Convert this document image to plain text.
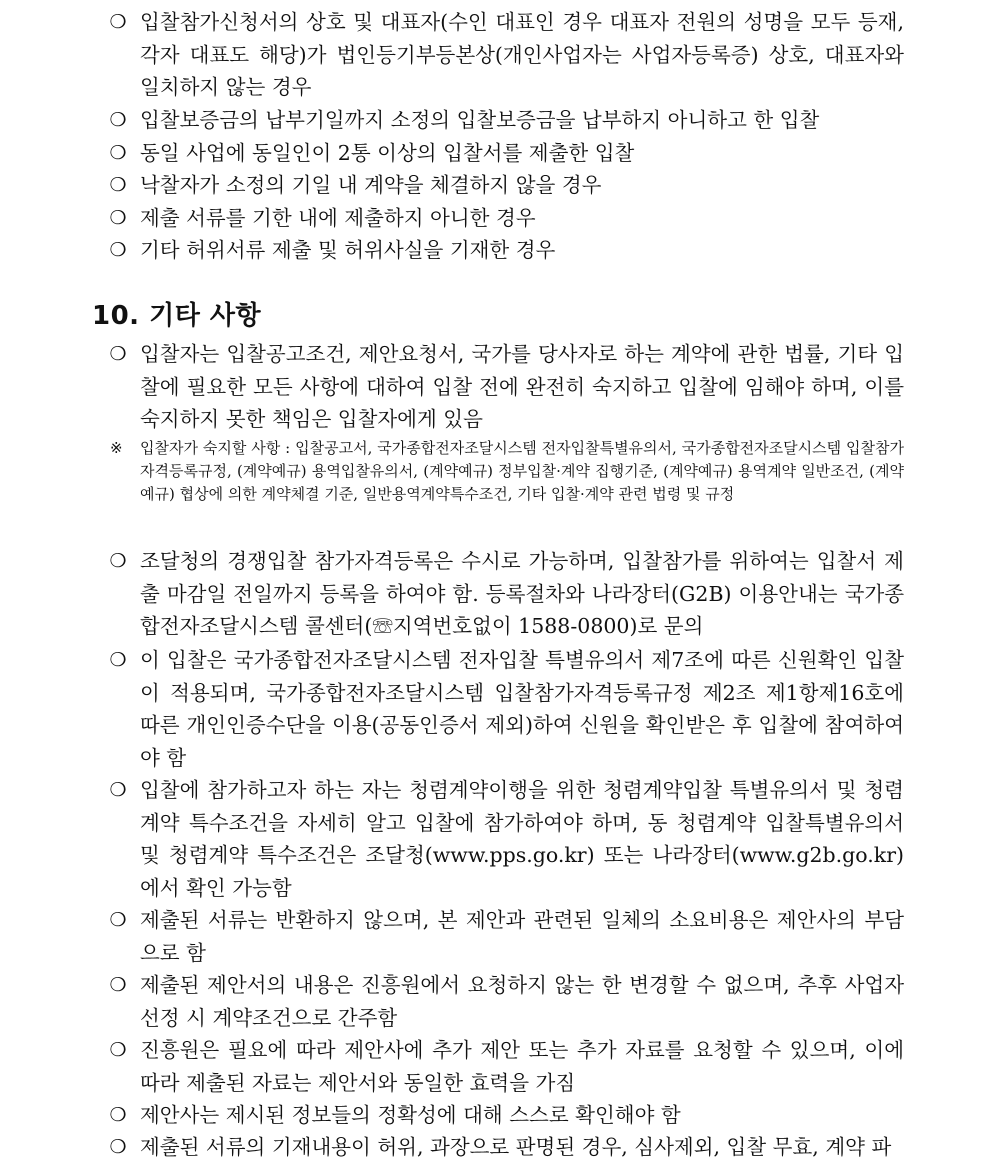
❍ 입찰참가신청서의 상호 및 대표자(수인 대표인 경우 대표자 전원의 성명을 모두 등재, 각자 대표도 해당)가 법인등기부등본상(개인사업자는 사업자등록증) 상호, 대표자와 일치하지 않는 경우
❍ 입찰보증금의 납부기일까지 소정의 입찰보증금을 납부하지 아니하고 한 입찰
❍ 동일 사업에 동일인이 2통 이상의 입찰서를 제출한 입찰
❍ 낙찰자가 소정의 기일 내 계약을 체결하지 않을 경우
❍ 제출 서류를 기한 내에 제출하지 아니한 경우
❍ 기타 허위서류 제출 및 허위사실을 기재한 경우
10. 기타 사항
❍ 입찰자는 입찰공고조건, 제안요청서, 국가를 당사자로 하는 계약에 관한 법률, 기타 입찰에 필요한 모든 사항에 대하여 입찰 전에 완전히 숙지하고 입찰에 임해야 하며, 이를 숙지하지 못한 책임은 입찰자에게 있음
※	입찰자가 숙지할 사항 : 입찰공고서, 국가종합전자조달시스템 전자입찰특별유의서, 국가종합전자조달시스템 입찰참가자격등록규정, (계약예규) 용역입찰유의서, (계약예규) 정부입찰·계약 집행기준, (계약예규) 용역계약 일반조건, (계약예규) 협상에 의한 계약체결 기준, 일반용역계약특수조건, 기타 입찰·계약 관련 법령 및 규정
❍ 조달청의 경쟁입찰 참가자격등록은 수시로 가능하며, 입찰참가를 위하여는 입찰서 제출 마감일 전일까지 등록을 하여야 함. 등록절차와 나라장터(G2B) 이용안내는 국가종합전자조달시스템 콜센터(☏지역번호없이 1588-0800)로 문의
❍ 이 입찰은 국가종합전자조달시스템 전자입찰 특별유의서 제7조에 따른 신원확인 입찰이 적용되며, 국가종합전자조달시스템 입찰참가자격등록규정 제2조 제1항제16호에 따른 개인인증수단을 이용(공동인증서 제외)하여 신원을 확인받은 후 입찰에 참여하여야 함
❍ 입찰에 참가하고자 하는 자는 청렴계약이행을 위한 청렴계약입찰 특별유의서 및 청렴계약 특수조건을 자세히 알고 입찰에 참가하여야 하며, 동 청렴계약 입찰특별유의서 및 청렴계약 특수조건은 조달청(www.pps.go.kr) 또는 나라장터(www.g2b.go.kr)에서 확인 가능함
❍ 제출된 서류는 반환하지 않으며, 본 제안과 관련된 일체의 소요비용은 제안사의 부담으로 함
❍ 제출된 제안서의 내용은 진흥원에서 요청하지 않는 한 변경할 수 없으며, 추후 사업자 선정 시 계약조건으로 간주함
❍ 진흥원은 필요에 따라 제안사에 추가 제안 또는 추가 자료를 요청할 수 있으며, 이에 따라 제출된 자료는 제안서와 동일한 효력을 가짐
❍ 제안사는 제시된 정보들의 정확성에 대해 스스로 확인해야 함
❍ 제출된 서류의 기재내용이 허위, 과장으로 판명된 경우, 심사제외, 입찰 무효, 계약 파
